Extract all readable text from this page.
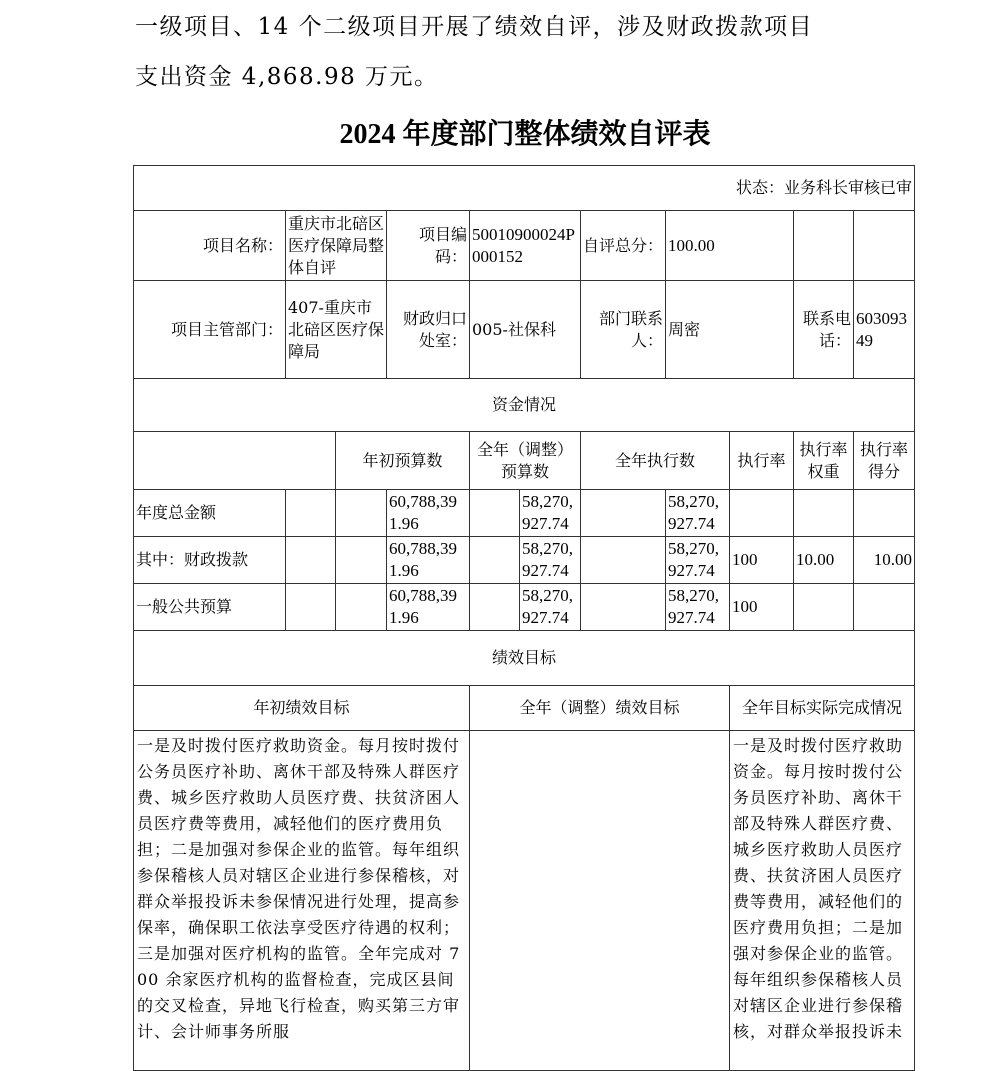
一级项目、14 个二级项目开展了绩效自评，涉及财政拨款项目
支出资金 4,868.98 万元。
2024 年度部门整体绩效自评表
状态：业务科长审核已审										
项目名称：	重庆市北碚区医疗保障局整体自评		项目编码：	50010900024P000152		自评总分：	100.00			
项目主管部门：	407-重庆市北碚区医疗保障局		财政归口处室：	005-社保科		部门联系人：	周密		联系电话：	60309349
资金情况										
		年初预算数		全年（调整）预算数		全年执行数		执行率	执行率权重	执行率得分
年度总金额			60,788,391.96		58,270,927.74		58,270,927.74			
其中：财政拨款			60,788,391.96		58,270,927.74		58,270,927.74	100	10.00	10.00
一般公共预算			60,788,391.96		58,270,927.74		58,270,927.74	100		
绩效目标										
年初绩效目标				全年（调整）绩效目标				全年目标实际完成情况		
一是及时拨付医疗救助资金。每月按时拨付公务员医疗补助、离休干部及特殊人群医疗费、城乡医疗救助人员医疗费、扶贫济困人员医疗费等费用，减轻他们的医疗费用负担；二是加强对参保企业的监管。每年组织参保稽核人员对辖区企业进行参保稽核，对群众举报投诉未参保情况进行处理，提高参保率，确保职工依法享受医疗待遇的权利；三是加强对医疗机构的监管。全年完成对 700 余家医疗机构的监督检查，完成区县间的交叉检查，异地飞行检查，购买第三方审计、会计师事务所服								一是及时拨付医疗救助资金。每月按时拨付公务员医疗补助、离休干部及特殊人群医疗费、城乡医疗救助人员医疗费、扶贫济困人员医疗费等费用，减轻他们的医疗费用负担；二是加强对参保企业的监管。每年组织参保稽核人员对辖区企业进行参保稽核，对群众举报投诉未		
